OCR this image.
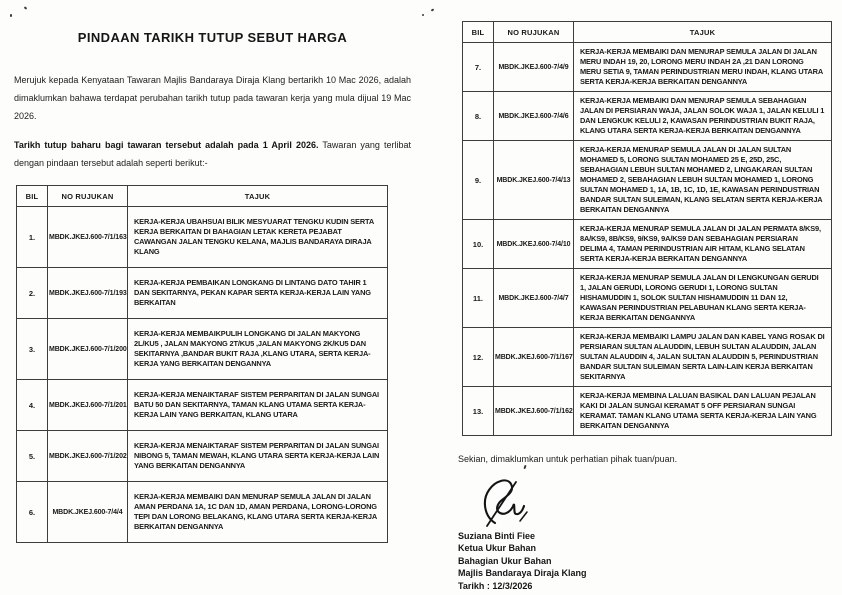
PINDAAN TARIKH TUTUP SEBUT HARGA

Merujuk kepada Kenyataan Tawaran Majlis Bandaraya Diraja Klang bertarikh 10 Mac 2026, adalah dimaklumkan bahawa terdapat perubahan tarikh tutup pada tawaran kerja yang mula dijual 19 Mac 2026.

Tarikh tutup baharu bagi tawaran tersebut adalah pada 1 April 2026. Tawaran yang terlibat dengan pindaan tersebut adalah seperti berikut:-

BIL	NO RUJUKAN	TAJUK
1.	MBDK.JKEJ.600-7/1/163	KERJA-KERJA UBAHSUAI BILIK MESYUARAT TENGKU KUDIN SERTA KERJA BERKAITAN DI BAHAGIAN LETAK KERETA PEJABAT CAWANGAN JALAN TENGKU KELANA, MAJLIS BANDARAYA DIRAJA KLANG
2.	MBDK.JKEJ.600-7/1/193	KERJA-KERJA PEMBAIKAN LONGKANG DI LINTANG DATO TAHIR 1 DAN SEKITARNYA, PEKAN KAPAR SERTA KERJA-KERJA LAIN YANG BERKAITAN
3.	MBDK.JKEJ.600-7/1/200	KERJA-KERJA MEMBAIKPULIH LONGKANG DI JALAN MAKYONG 2L/KU5 , JALAN MAKYONG 2T/KU5 ,JALAN MAKYONG 2K/KU5 DAN SEKITARNYA ,BANDAR BUKIT RAJA ,KLANG UTARA, SERTA KERJA-KERJA YANG BERKAITAN DENGANNYA
4.	MBDK.JKEJ.600-7/1/201	KERJA-KERJA MENAIKTARAF SISTEM PERPARITAN DI JALAN SUNGAI BATU 50 DAN SEKITARNYA, TAMAN KLANG UTAMA SERTA KERJA-KERJA LAIN YANG BERKAITAN, KLANG UTARA
5.	MBDK.JKEJ.600-7/1/202	KERJA-KERJA MENAIKTARAF SISTEM PERPARITAN DI JALAN SUNGAI NIBONG 5, TAMAN MEWAH, KLANG UTARA SERTA KERJA-KERJA LAIN YANG BERKAITAN DENGANNYA
6.	MBDK.JKEJ.600-7/4/4	KERJA-KERJA MEMBAIKI DAN MENURAP SEMULA JALAN DI JALAN AMAN PERDANA 1A, 1C DAN 1D, AMAN PERDANA, LORONG-LORONG TEPI DAN LORONG BELAKANG, KLANG UTARA SERTA KERJA-KERJA BERKAITAN DENGANNYA
BIL	NO RUJUKAN	TAJUK
7.	MBDK.JKEJ.600-7/4/9	KERJA-KERJA MEMBAIKI DAN MENURAP SEMULA JALAN DI JALAN MERU INDAH 19, 20, LORONG MERU INDAH 2A ,21 DAN LORONG MERU SETIA 9, TAMAN PERINDUSTRIAN MERU INDAH, KLANG UTARA SERTA KERJA-KERJA BERKAITAN DENGANNYA
8.	MBDK.JKEJ.600-7/4/6	KERJA-KERJA MEMBAIKI DAN MENURAP SEMULA SEBAHAGIAN JALAN DI PERSIARAN WAJA, JALAN SOLOK WAJA 1, JALAN KELULI 1 DAN LENGKUK KELULI 2, KAWASAN PERINDUSTRIAN BUKIT RAJA, KLANG UTARA SERTA KERJA-KERJA BERKAITAN DENGANNYA
9.	MBDK.JKEJ.600-7/4/13	KERJA-KERJA MENURAP SEMULA JALAN DI JALAN SULTAN MOHAMED 5, LORONG SULTAN MOHAMED 25 E, 25D, 25C, SEBAHAGIAN LEBUH SULTAN MOHAMED 2, LINGAKARAN SULTAN MOHAMED 2, SEBAHAGIAN LEBUH SULTAN MOHAMED 1, LORONG SULTAN MOHAMED 1, 1A, 1B, 1C, 1D, 1E, KAWASAN PERINDUSTRIAN BANDAR SULTAN SULEIMAN, KLANG SELATAN SERTA KERJA-KERJA BERKAITAN DENGANNYA
10.	MBDK.JKEJ.600-7/4/10	KERJA-KERJA MENURAP SEMULA JALAN DI JALAN PERMATA 8/KS9, 8A/KS9, 8B/KS9, 9/KS9, 9A/KS9 DAN SEBAHAGIAN PERSIARAN DELIMA 4, TAMAN PERINDUSTRIAN AIR HITAM, KLANG SELATAN SERTA KERJA-KERJA BERKAITAN DENGANNYA
11.	MBDK.JKEJ.600-7/4/7	KERJA-KERJA MENURAP SEMULA JALAN DI LENGKUNGAN GERUDI 1, JALAN GERUDI, LORONG GERUDI 1, LORONG SULTAN HISHAMUDDIN 1, SOLOK SULTAN HISHAMUDDIN 11 DAN 12, KAWASAN PERINDUSTRIAN PELABUHAN KLANG SERTA KERJA-KERJA BERKAITAN DENGANNYA
12.	MBDK.JKEJ.600-7/1/167	KERJA-KERJA MEMBAIKI LAMPU JALAN DAN KABEL YANG ROSAK DI PERSIARAN SULTAN ALAUDDIN, LEBUH SULTAN ALAUDDIN, JALAN SULTAN ALAUDDIN 4, JALAN SULTAN ALAUDDIN 5, PERINDUSTRIAN BANDAR SULTAN SULEIMAN SERTA LAIN-LAIN KERJA BERKAITAN SEKITARNYA
13.	MBDK.JKEJ.600-7/1/162	KERJA-KERJA MEMBINA LALUAN BASIKAL DAN LALUAN PEJALAN KAKI DI JALAN SUNGAI KERAMAT 5 OFF PERSIARAN SUNGAI KERAMAT. TAMAN KLANG UTAMA SERTA KERJA-KERJA LAIN YANG BERKAITAN DENGANNYA

Sekian, dimaklumkan untuk perhatian pihak tuan/puan.

Suziana Binti Fiee
Ketua Ukur Bahan
Bahagian Ukur Bahan
Majlis Bandaraya Diraja Klang
Tarikh : 12/3/2026
